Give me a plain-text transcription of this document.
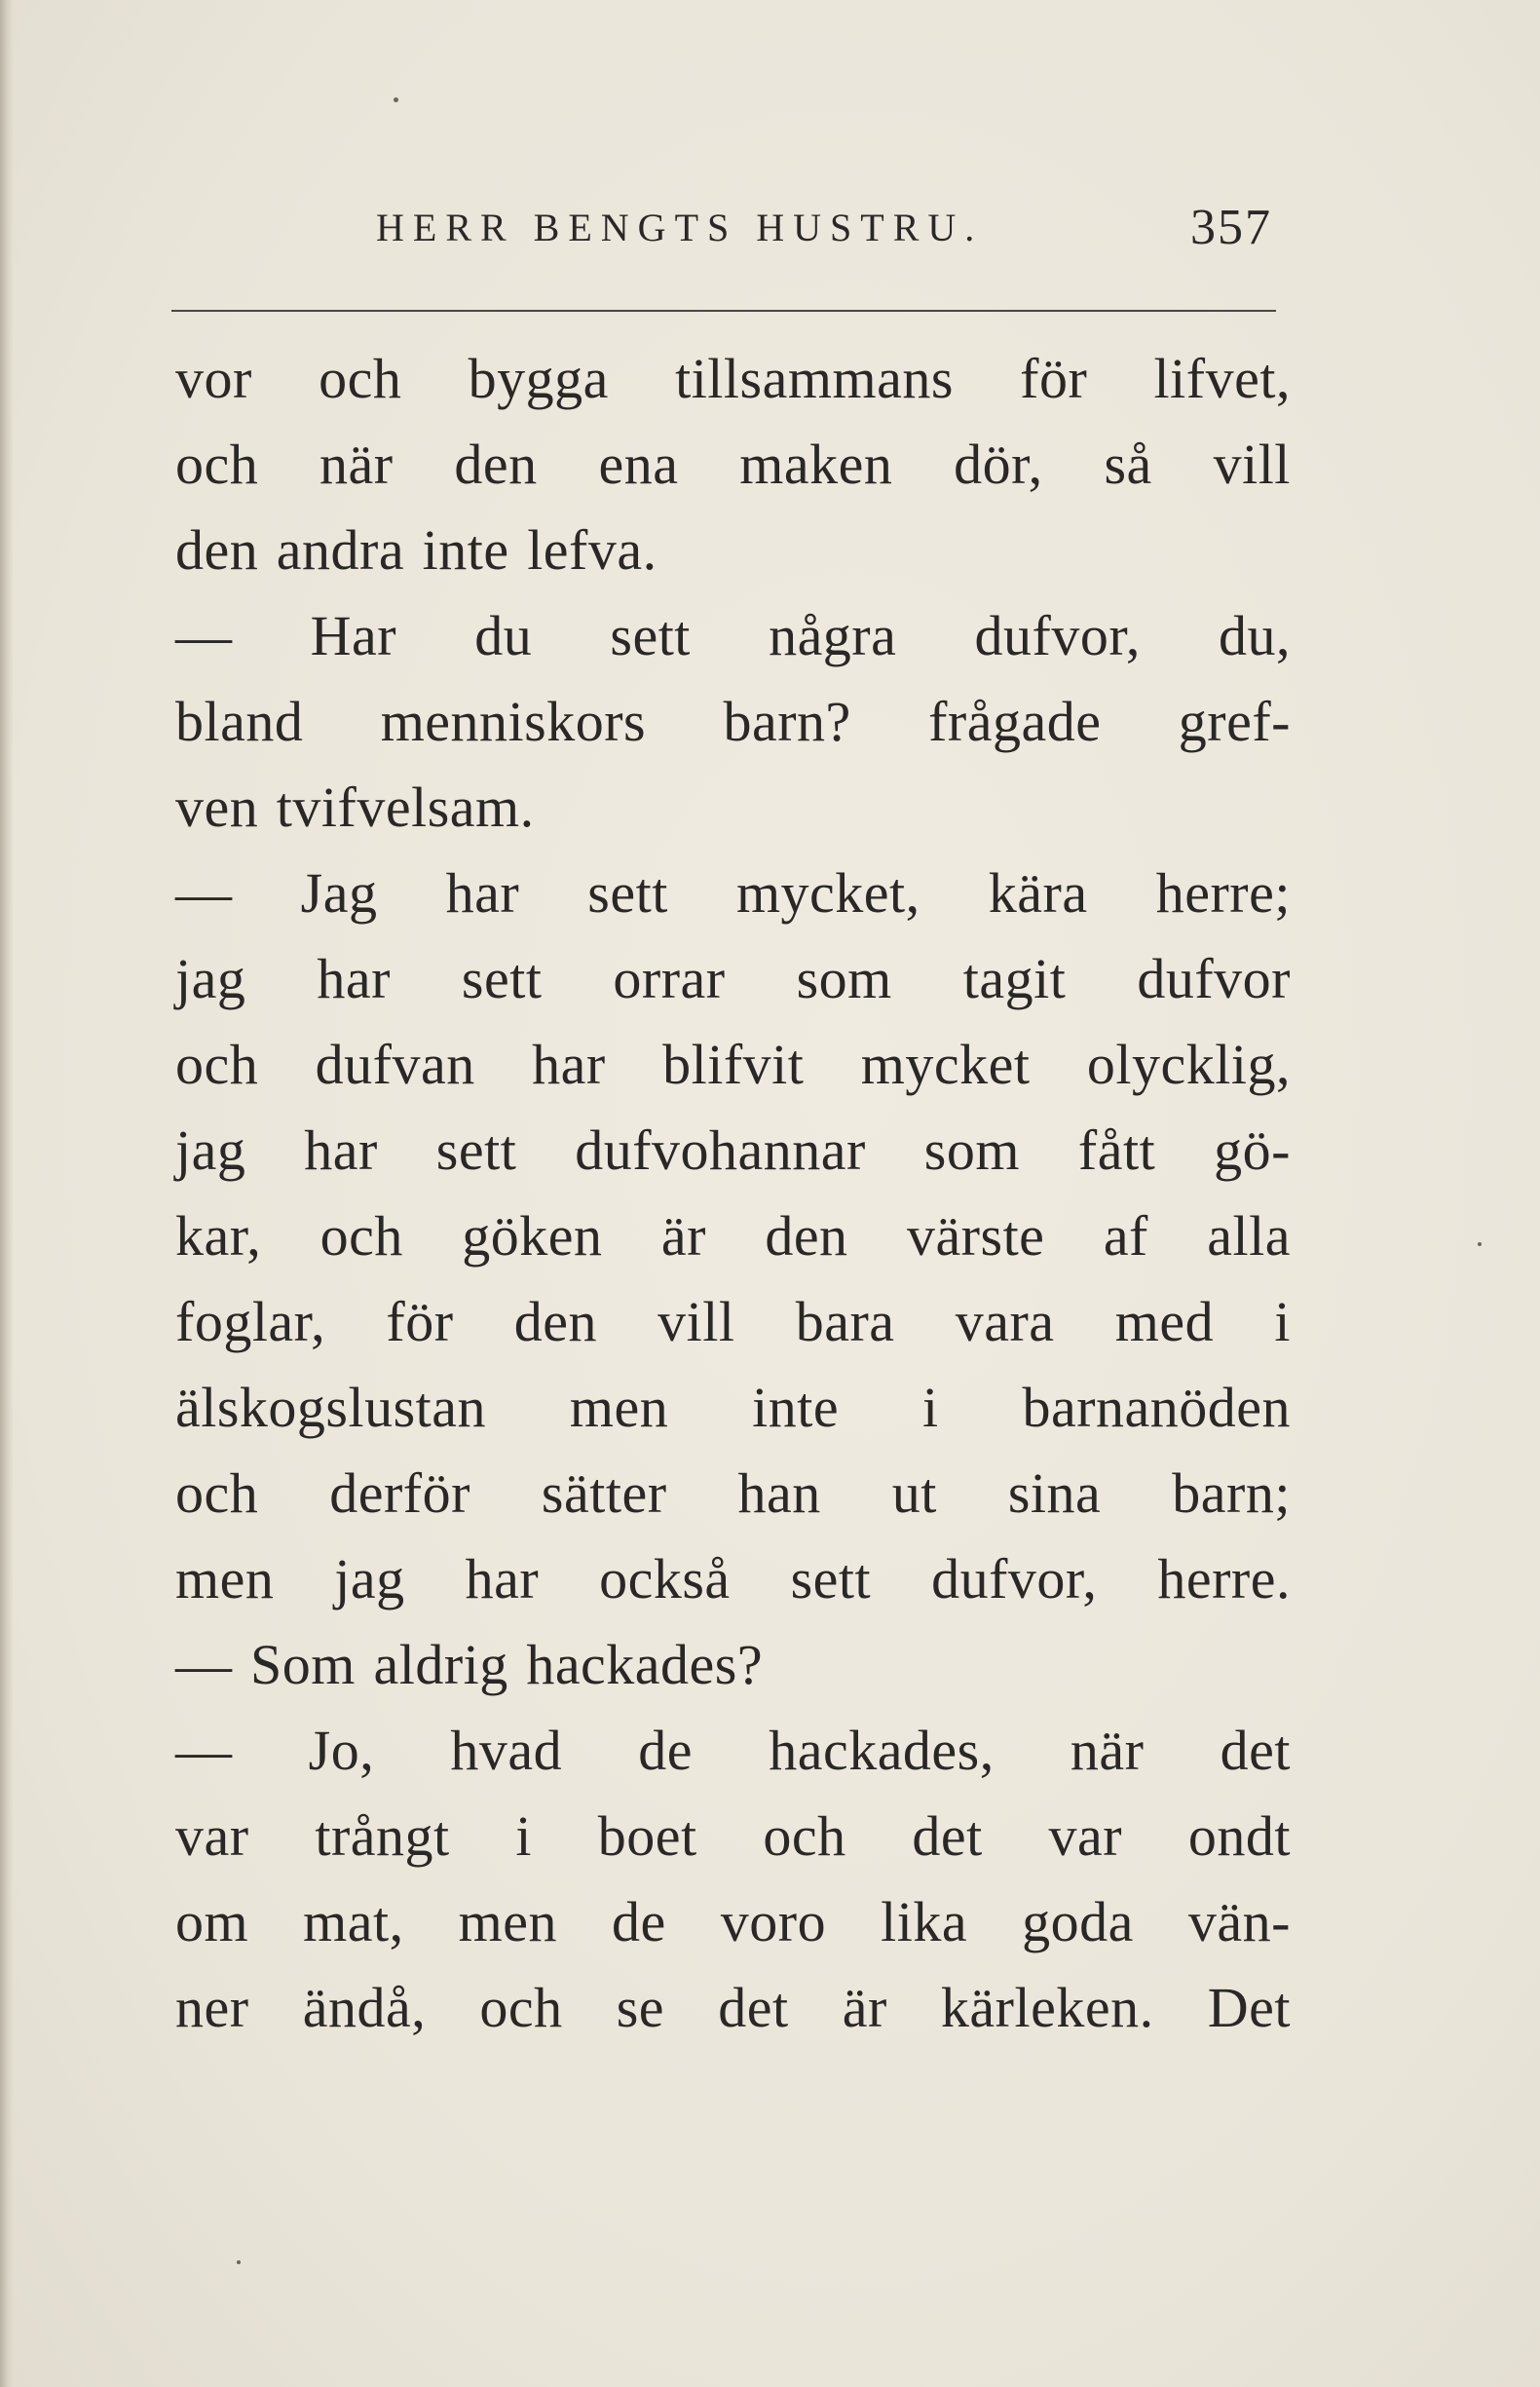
HERR BENGTS HUSTRU.	357
vor och bygga tillsammans för lifvet,
och när den ena maken dör, så vill
den andra inte lefva.
— Har du sett några dufvor, du,
bland menniskors barn? frågade gref-
ven tvifvelsam.
— Jag har sett mycket, kära herre;
jag har sett orrar som tagit dufvor
och dufvan har blifvit mycket olycklig,
jag har sett dufvohannar som fått gö-
kar, och göken är den värste af alla
foglar, för den vill bara vara med i
älskogslustan men inte i barnanöden
och derför sätter han ut sina barn;
men jag har också sett dufvor, herre.
— Som aldrig hackades?
— Jo, hvad de hackades, när det
var trångt i boet och det var ondt
om mat, men de voro lika goda vän-
ner ändå, och se det är kärleken. Det
